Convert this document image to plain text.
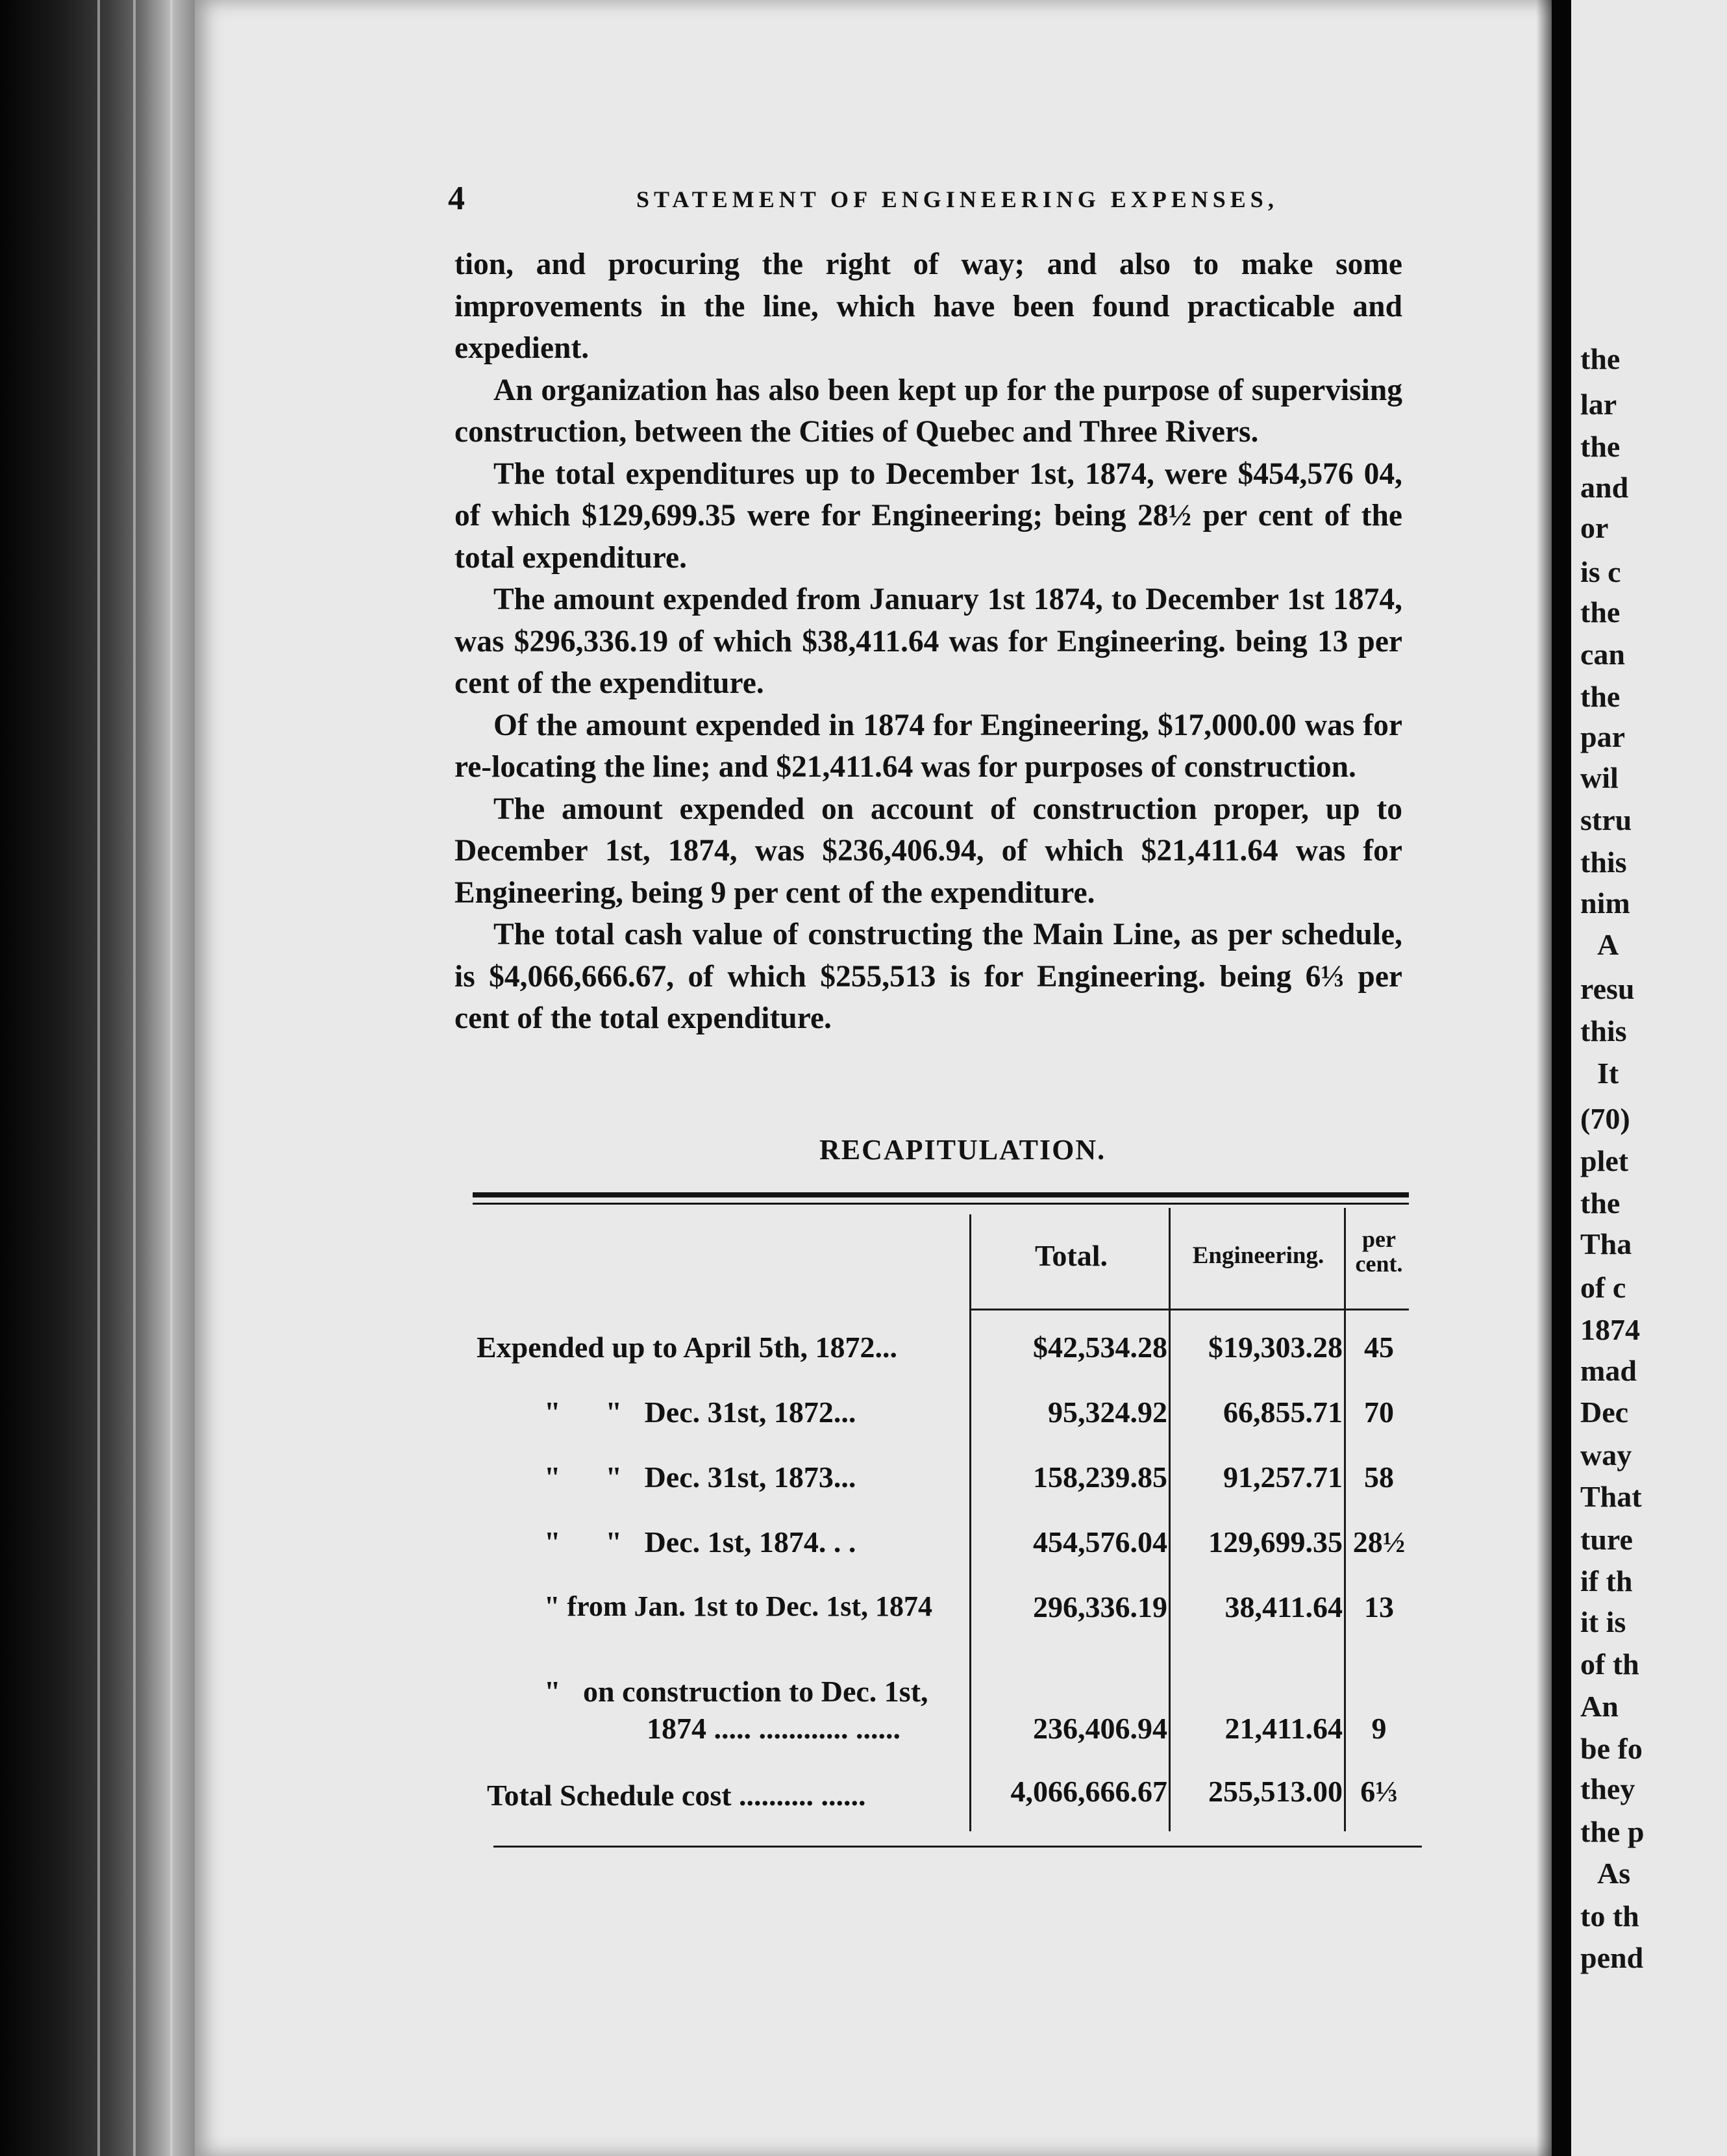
the
lar
the
and
or
is c
the
can
the
par
wil
stru
this
nim
A
resu
this
It
(70)
plet
the
Tha
of c
1874
mad
Dec
way
That
ture
if th
it is
of th
An
be fo
they
the p
As
to th
pend
4	STATEMENT OF ENGINEERING EXPENSES,

tion, and procuring the right of way; and also to make some improvements in the line, which have been found practicable and expedient.

An organization has also been kept up for the purpose of supervising construction, between the Cities of Quebec and Three Rivers.

The total expenditures up to December 1st, 1874, were $454,576 04, of which $129,699.35 were for Engineering; being 28½ per cent of the total expenditure.

The amount expended from January 1st 1874, to December 1st 1874, was $296,336.19 of which $38,411.64 was for Engineering. being 13 per cent of the expenditure.

Of the amount expended in 1874 for Engineering, $17,000.00 was for re-locating the line; and $21,411.64 was for purposes of construction.

The amount expended on account of construction proper, up to December 1st, 1874, was $236,406.94, of which $21,411.64 was for Engineering, being 9 per cent of the expenditure.

The total cash value of constructing the Main Line, as per schedule, is $4,066,666.67, of which $255,513 is for Engineering. being 6⅓ per cent of the total expenditure.

RECAPITULATION.
Total.	Engineering.
per cent.
Expended up to April 5th, 1872...	$42,534.28	$19,303.28 45
"      "   Dec. 31st, 1872...	95,324.92	66,855.71 70
"      "   Dec. 31st, 1873...	158,239.85	91,257.71 58
"      "   Dec. 1st, 1874. . .	454,576.04	129,699.35 28½
" from Jan. 1st to Dec. 1st, 1874	296,336.19	38,411.64 13
"   on construction to Dec. 1st,
1874 ..... ............ ......	236,406.94	21,411.64 9
Total Schedule cost .......... ......	4,066,666.67	255,513.00 6⅓
